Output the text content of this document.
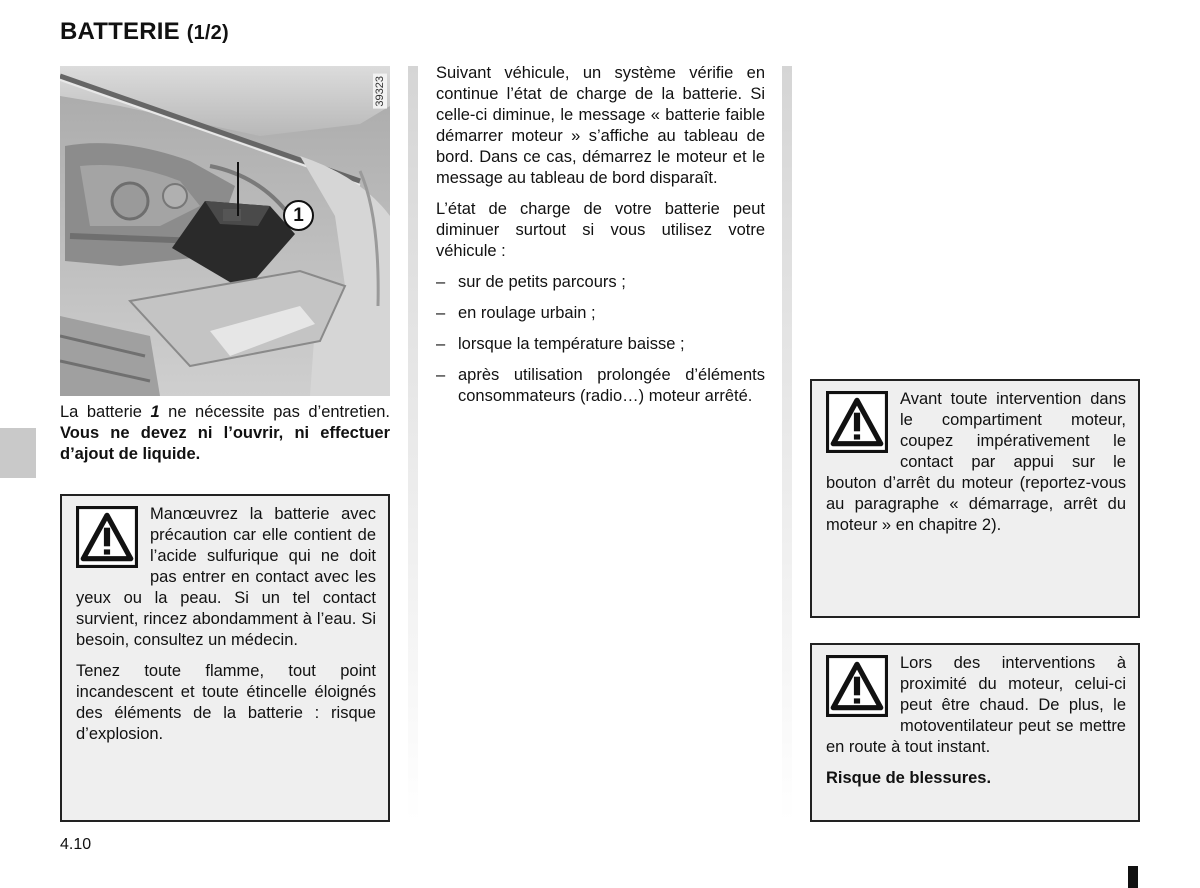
BATTERIE (1/2)
39323
1

La batterie 1 ne nécessite pas d’entretien. Vous ne devez ni l’ouvrir, ni effectuer d’ajout de liquide.

Manœuvrez la batterie avec précaution car elle contient de l’acide sulfurique qui ne doit pas entrer en contact avec les yeux ou la peau. Si un tel contact survient, rincez abondamment à l’eau. Si besoin, consultez un médecin.

Tenez toute flamme, tout point incandescent et toute étincelle éloignés des éléments de la batterie : risque d’explosion.

Suivant véhicule, un système vérifie en continue l’état de charge de la batterie. Si celle-ci diminue, le message « batterie faible démarrer moteur » s’affiche au tableau de bord. Dans ce cas, démarrez le moteur et le message au tableau de bord disparaît.

L’état de charge de votre batterie peut diminuer surtout si vous utilisez votre véhicule :

– sur de petits parcours ;
– en roulage urbain ;
– lorsque la température baisse ;
– après utilisation prolongée d’éléments consommateurs (radio…) moteur arrêté.	Avant toute intervention dans le compartiment moteur, coupez impérativement le contact par appui sur le bouton d’arrêt du moteur (reportez-vous au paragraphe « démarrage, arrêt du moteur » en chapitre 2).

Lors des interventions à proximité du moteur, celui-ci peut être chaud. De plus, le motoventilateur peut se mettre en route à tout instant.

Risque de blessures.

4.10
